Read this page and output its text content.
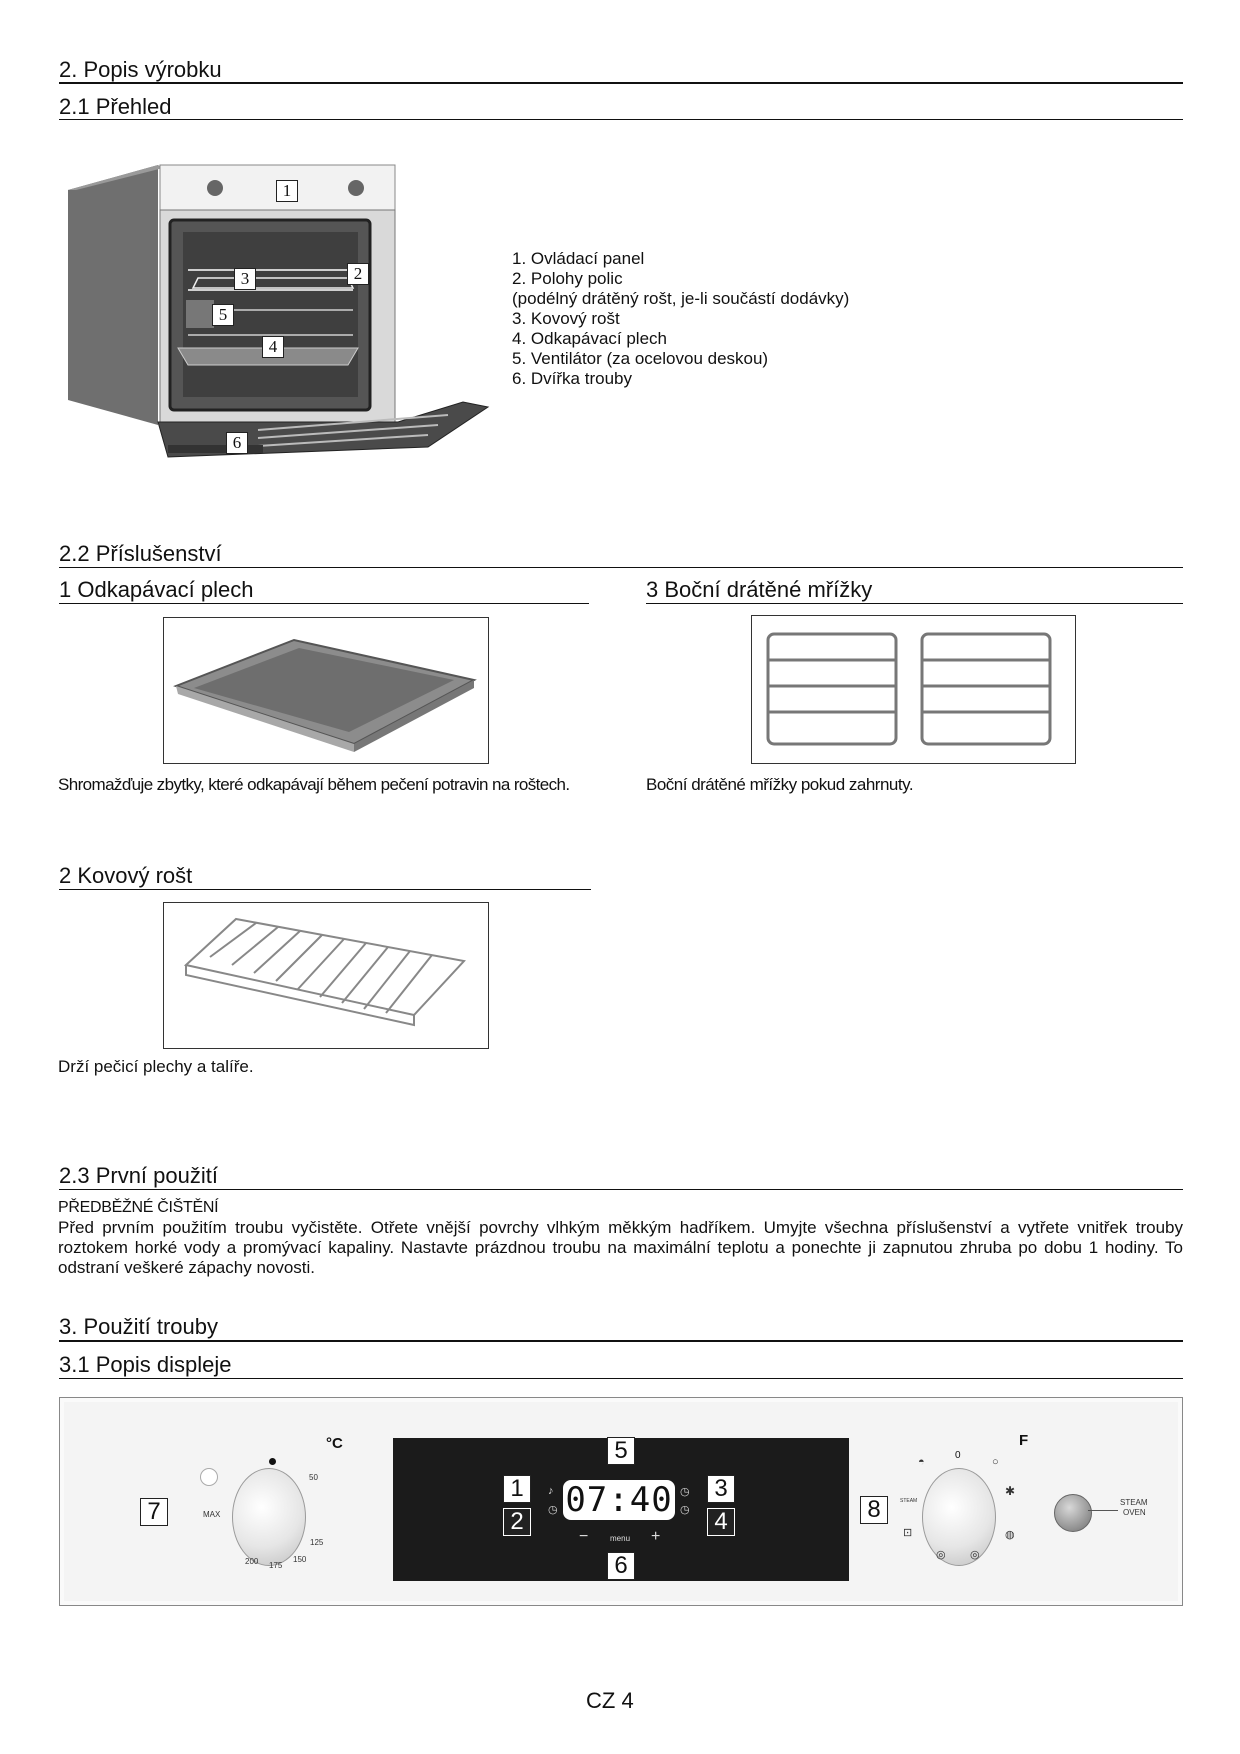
2. Popis výrobku
2.1 Přehled
1
2
3
4
5
6
1. Ovládací panel
2. Polohy polic
(podélný drátěný rošt, je-li součástí dodávky)
3. Kovový rošt
4. Odkapávací plech
5. Ventilátor (za ocelovou deskou)
6. Dvířka trouby
2.2 Příslušenství
1 Odkapávací plech	3 Boční drátěné mřížky
Shromažďuje zbytky, které odkapávají během pečení potravin na roštech.	Boční drátěné mřížky pokud zahrnuty.
2 Kovový rošt
Drží pečicí plechy a talíře.
2.3 První použití
PŘEDBĚŽNÉ ČIŠTĚNÍ
Před prvním použitím troubu vyčistěte. Otřete vnější povrchy vlhkým měkkým hadříkem. Umyjte všechna příslušenství a vytřete vnitřek trouby roztokem horké vody a promývací kapaliny. Nastavte prázdnou troubu na maximální teplotu a ponechte ji zapnutou zhruba po dobu 1 hodiny. To odstraní veškeré zápachy novosti.
3. Použití trouby
3.1 Popis displeje
°C
MAX
50
125
150
175
200
7	07:40
♪
◷
◷
◷
−	menu +
5
6
1
2
3
4	8
F
0
◓	○
✱
◍
⊡
◎ ◎
STEAM	STEAM
OVEN
CZ 4
